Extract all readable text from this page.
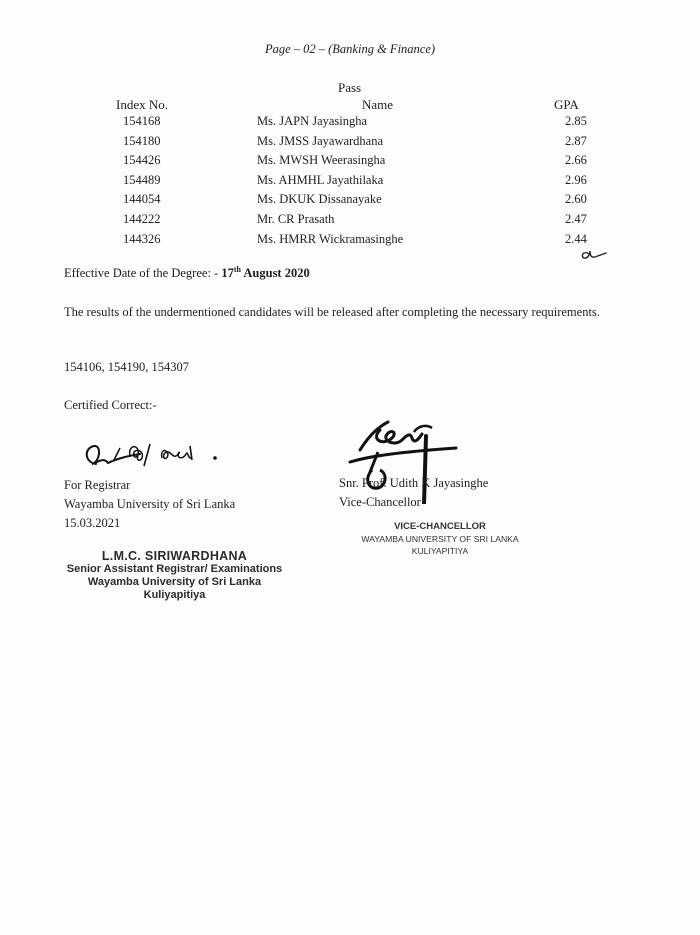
Page – 02 – (Banking & Finance)
Pass
Index No.	Name	GPA
154168	Ms. JAPN Jayasingha	2.85
154180	Ms. JMSS Jayawardhana	2.87
154426	Ms. MWSH Weerasingha	2.66
154489	Ms. AHMHL Jayathilaka	2.96
144054	Ms. DKUK Dissanayake	2.60
144222	Mr. CR Prasath	2.47
144326	Ms. HMRR Wickramasinghe	2.44
Effective Date of the Degree: - 17th August 2020
The results of the undermentioned candidates will be released after completing the necessary requirements.
154106, 154190, 154307
Certified Correct:-
For Registrar
Wayamba University of Sri Lanka
15.03.2021
Snr. Prof. Udith K Jayasinghe
Vice-Chancellor
VICE-CHANCELLOR
WAYAMBA UNIVERSITY OF SRI LANKA
KULIYAPITIYA
L.M.C. SIRIWARDHANA
Senior Assistant Registrar/ Examinations
Wayamba University of Sri Lanka
Kuliyapitiya
